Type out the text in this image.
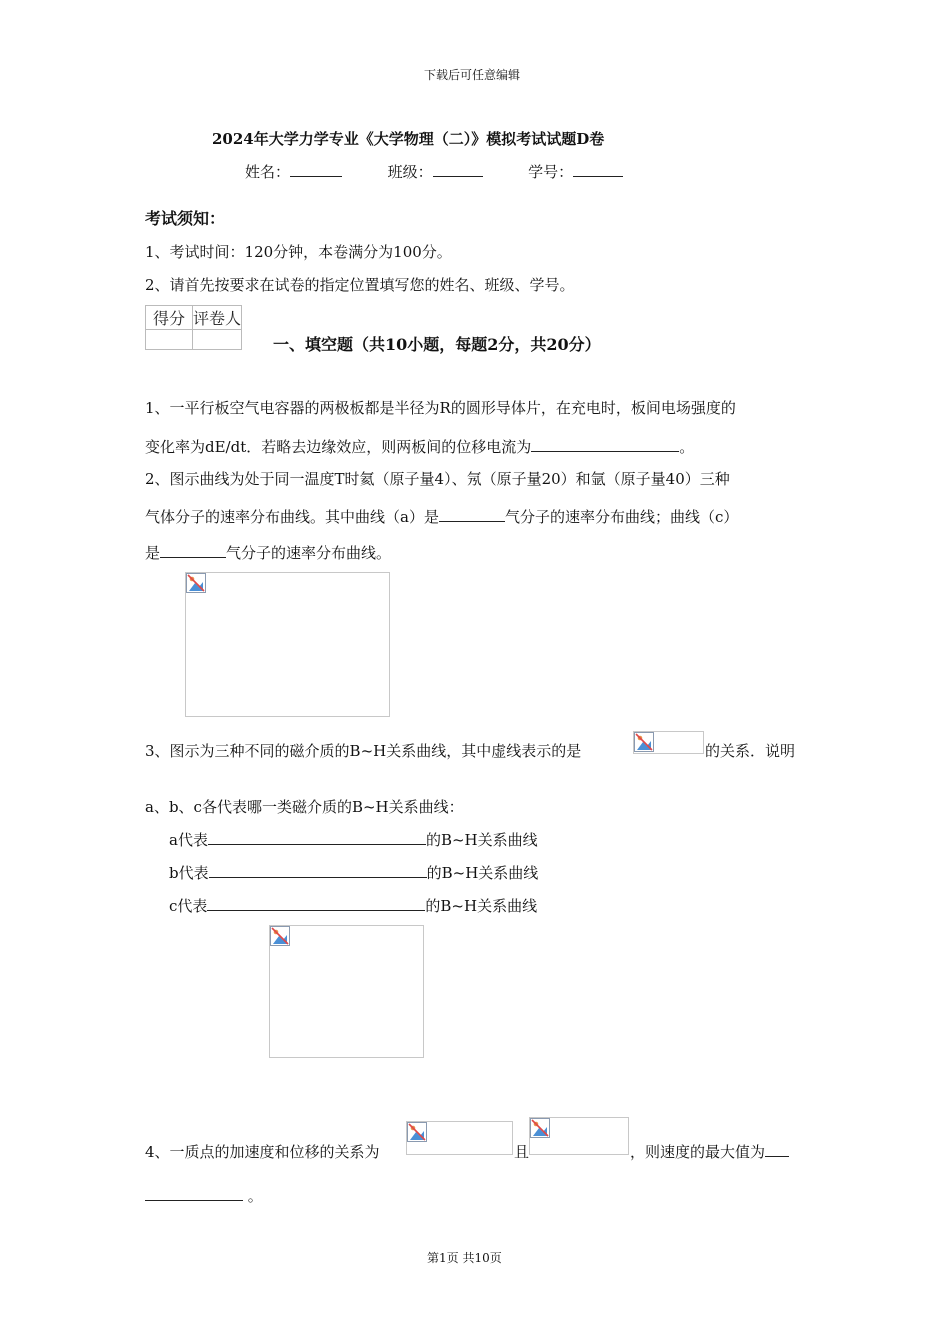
下载后可任意编辑
2024年大学力学专业《大学物理（二）》模拟考试试题D卷
姓名：	班级：	学号：
考试须知：
1、考试时间：120分钟，本卷满分为100分。
2、请首先按要求在试卷的指定位置填写您的姓名、班级、学号。
得分	评卷人

一、填空题（共10小题，每题2分，共20分）
1、一平行板空气电容器的两极板都是半径为R的圆形导体片，在充电时，板间电场强度的
变化率为dE/dt．若略去边缘效应，则两板间的位移电流为	。
2、图示曲线为处于同一温度T时氦（原子量4）、氖（原子量20）和氩（原子量40）三种
气体分子的速率分布曲线。其中曲线（a）是	气分子的速率分布曲线；曲线（c）
是	气分子的速率分布曲线。
3、图示为三种不同的磁介质的B~H关系曲线，其中虚线表示的是	的关系．说明
a、b、c各代表哪一类磁介质的B~H关系曲线：
a代表	的B~H关系曲线
b代表	的B~H关系曲线
c代表	的B~H关系曲线
4、一质点的加速度和位移的关系为	且	，则速度的最大值为
。
第1页 共10页
